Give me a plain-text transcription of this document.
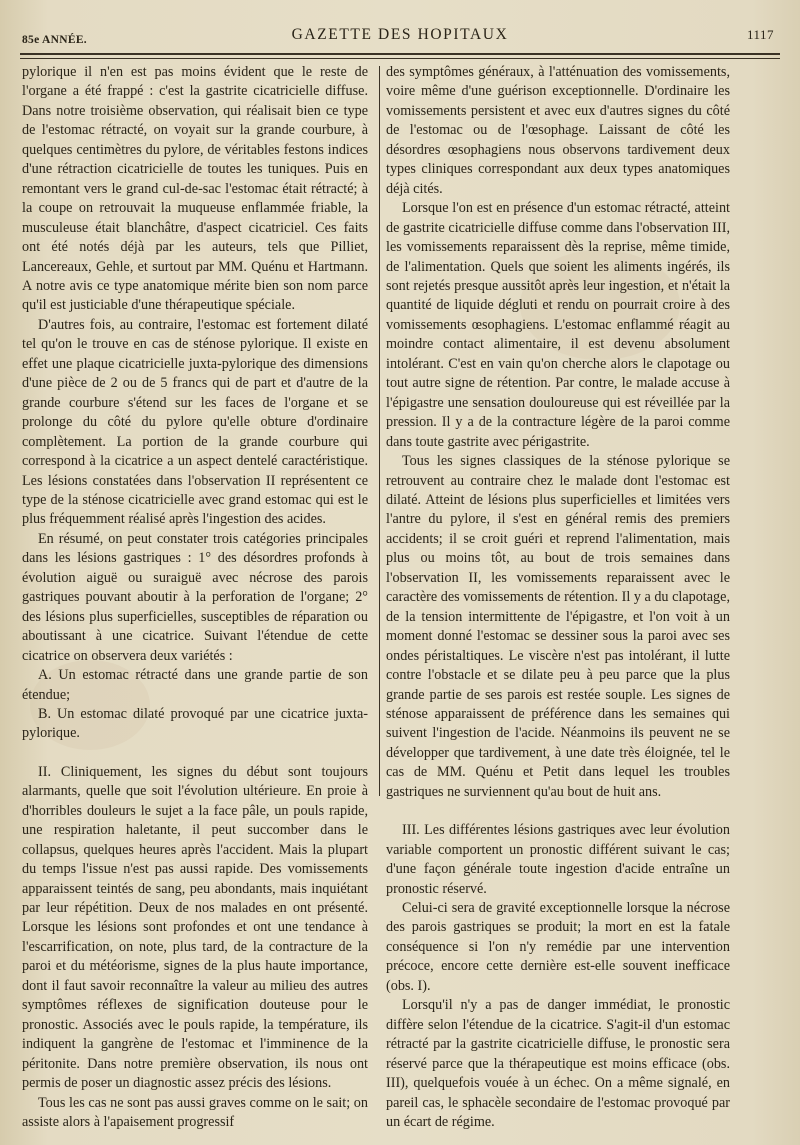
85e ANNÉE.	GAZETTE DES HOPITAUX	1117

pylorique il n'en est pas moins évident que le reste de l'organe a été frappé : c'est la gastrite cicatricielle diffuse. Dans notre troisième observation, qui réalisait bien ce type de l'estomac rétracté, on voyait sur la grande courbure, à quelques centimètres du pylore, de véritables festons indices d'une rétraction cicatricielle de toutes les tuniques. Puis en remontant vers le grand cul-de-sac l'estomac était rétracté; à la coupe on retrouvait la muqueuse enflammée friable, la musculeuse était blanchâtre, d'aspect cicatriciel. Ces faits ont été notés déjà par les auteurs, tels que Pilliet, Lancereaux, Gehle, et surtout par MM. Quénu et Hartmann. A notre avis ce type anatomique mérite bien son nom parce qu'il est justiciable d'une thérapeutique spéciale.

D'autres fois, au contraire, l'estomac est fortement dilaté tel qu'on le trouve en cas de sténose pylorique. Il existe en effet une plaque cicatricielle juxta-pylorique des dimensions d'une pièce de 2 ou de 5 francs qui de part et d'autre de la grande courbure s'étend sur les faces de l'organe et se prolonge du côté du pylore qu'elle obture d'ordinaire complètement. La portion de la grande courbure qui correspond à la cicatrice a un aspect dentelé caractéristique. Les lésions constatées dans l'observation II représentent ce type de la sténose cicatricielle avec grand estomac qui est le plus fréquemment réalisé après l'ingestion des acides.

En résumé, on peut constater trois catégories principales dans les lésions gastriques : 1° des désordres profonds à évolution aiguë ou suraiguë avec nécrose des parois gastriques pouvant aboutir à la perforation de l'organe; 2° des lésions plus superficielles, susceptibles de réparation ou aboutissant à une cicatrice. Suivant l'étendue de cette cicatrice on observera deux variétés :

A. Un estomac rétracté dans une grande partie de son étendue;

B. Un estomac dilaté provoqué par une cicatrice juxta-pylorique.

II. Cliniquement, les signes du début sont toujours alarmants, quelle que soit l'évolution ultérieure. En proie à d'horribles douleurs le sujet a la face pâle, un pouls rapide, une respiration haletante, il peut succomber dans le collapsus, quelques heures après l'accident. Mais la plupart du temps l'issue n'est pas aussi rapide. Des vomissements apparaissent teintés de sang, peu abondants, mais inquiétant par leur répétition. Deux de nos malades en ont présenté. Lorsque les lésions sont profondes et ont une tendance à l'escarrification, on note, plus tard, de la contracture de la paroi et du météorisme, signes de la plus haute importance, dont il faut savoir reconnaître la valeur au milieu des autres symptômes réflexes de signification douteuse pour le pronostic. Associés avec le pouls rapide, la température, ils indiquent la gangrène de l'estomac et l'imminence de la péritonite. Dans notre première observation, ils nous ont permis de poser un diagnostic assez précis des lésions.

Tous les cas ne sont pas aussi graves comme on le sait; on assiste alors à l'apaisement progressif

des symptômes généraux, à l'atténuation des vomissements, voire même d'une guérison exceptionnelle. D'ordinaire les vomissements persistent et avec eux d'autres signes du côté de l'estomac ou de l'œsophage. Laissant de côté les désordres œsophagiens nous observons tardivement deux types cliniques correspondant aux deux types anatomiques déjà cités.

Lorsque l'on est en présence d'un estomac rétracté, atteint de gastrite cicatricielle diffuse comme dans l'observation III, les vomissements reparaissent dès la reprise, même timide, de l'alimentation. Quels que soient les aliments ingérés, ils sont rejetés presque aussitôt après leur ingestion, et n'était la quantité de liquide dégluti et rendu on pourrait croire à des vomissements œsophagiens. L'estomac enflammé réagit au moindre contact alimentaire, il est devenu absolument intolérant. C'est en vain qu'on cherche alors le clapotage ou tout autre signe de rétention. Par contre, le malade accuse à l'épigastre une sensation douloureuse qui est réveillée par la pression. Il y a de la contracture légère de la paroi comme dans toute gastrite avec périgastrite.

Tous les signes classiques de la sténose pylorique se retrouvent au contraire chez le malade dont l'estomac est dilaté. Atteint de lésions plus superficielles et limitées vers l'antre du pylore, il s'est en général remis des premiers accidents; il se croit guéri et reprend l'alimentation, mais plus ou moins tôt, au bout de trois semaines dans l'observation II, les vomissements reparaissent avec le caractère des vomissements de rétention. Il y a du clapotage, de la tension intermittente de l'épigastre, et l'on voit à un moment donné l'estomac se dessiner sous la paroi avec ses ondes péristaltiques. Le viscère n'est pas intolérant, il lutte contre l'obstacle et se dilate peu à peu parce que la plus grande partie de ses parois est restée souple. Les signes de sténose apparaissent de préférence dans les semaines qui suivent l'ingestion de l'acide. Néanmoins ils peuvent ne se développer que tardivement, à une date très éloignée, tel le cas de MM. Quénu et Petit dans lequel les troubles gastriques ne surviennent qu'au bout de huit ans.

III. Les différentes lésions gastriques avec leur évolution variable comportent un pronostic différent suivant le cas; d'une façon générale toute ingestion d'acide entraîne un pronostic réservé.

Celui-ci sera de gravité exceptionnelle lorsque la nécrose des parois gastriques se produit; la mort en est la fatale conséquence si l'on n'y remédie par une intervention précoce, encore cette dernière est-elle souvent inefficace (obs. I).

Lorsqu'il n'y a pas de danger immédiat, le pronostic diffère selon l'étendue de la cicatrice. S'agit-il d'un estomac rétracté par la gastrite cicatricielle diffuse, le pronostic sera réservé parce que la thérapeutique est moins efficace (obs. III), quelquefois vouée à un échec. On a même signalé, en pareil cas, le sphacèle secondaire de l'estomac provoqué par un écart de régime.
